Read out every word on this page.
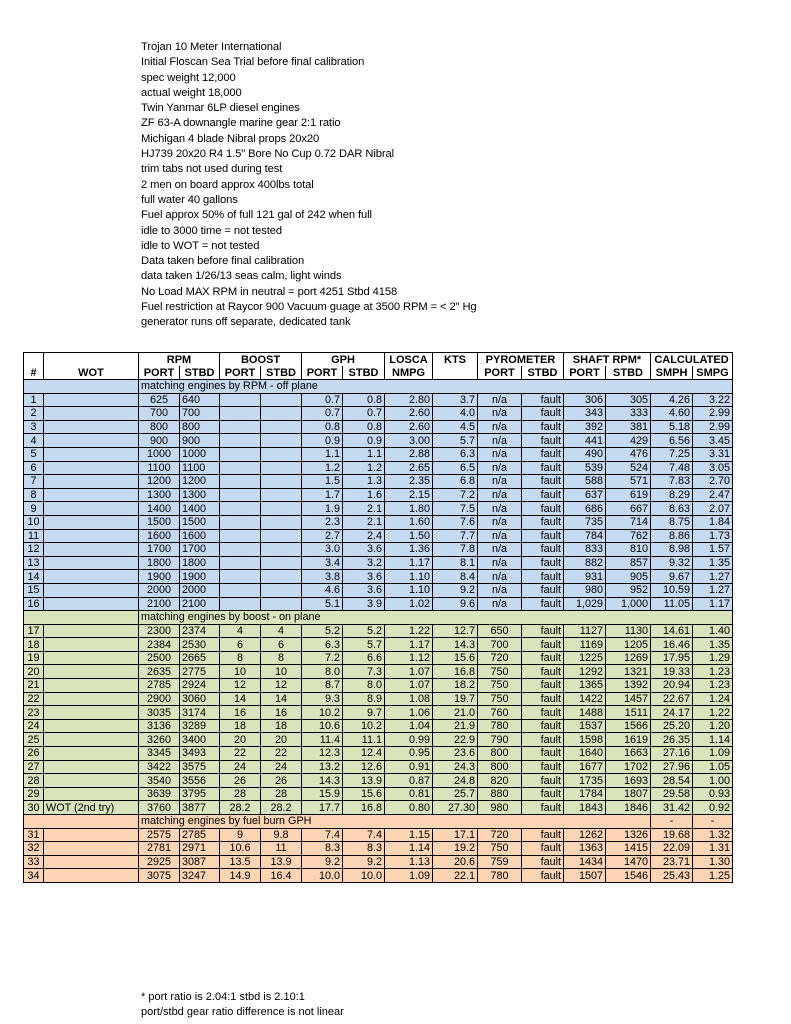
Trojan 10 Meter International
Initial Floscan Sea Trial before final calibration
spec weight 12,000
actual weight 18,000
Twin Yanmar 6LP diesel engines
ZF 63-A downangle marine gear 2:1 ratio
Michigan 4 blade Nibral props 20x20
HJ739 20x20 R4 1.5" Bore No Cup 0.72 DAR Nibral
trim tabs not used during test
2 men on board approx 400lbs total
full water 40 gallons
Fuel approx 50% of full 121 gal of 242 when full
idle to 3000 time = not tested
idle to WOT = not tested
Data taken before final calibration
data taken 1/26/13 seas calm, light winds
No Load MAX RPM in neutral = port 4251 Stbd 4158
Fuel restriction at Raycor 900 Vacuum guage at 3500 RPM = < 2" Hg
generator runs off separate, dedicated tank
		RPM		BOOST		GPH		LOSCA	KTS	PYROMETER		SHAFT RPM*		CALCULATED	
#	WOT	PORT	STBD	PORT	STBD	PORT	STBD	NMPG		PORT	STBD	PORT	STBD	SMPH	SMPG
		matching engines by RPM - off plane													
1		625	640			0.7	0.8	2.80	3.7	n/a	fault	306	305	4.26	3.22
2		700	700			0.7	0.7	2.60	4.0	n/a	fault	343	333	4.60	2.99
3		800	800			0.8	0.8	2.60	4.5	n/a	fault	392	381	5.18	2.99
4		900	900			0.9	0.9	3.00	5.7	n/a	fault	441	429	6.56	3.45
5		1000	1000			1.1	1.1	2.88	6.3	n/a	fault	490	476	7.25	3.31
6		1100	1100			1.2	1.2	2.65	6.5	n/a	fault	539	524	7.48	3.05
7		1200	1200			1.5	1.3	2.35	6.8	n/a	fault	588	571	7.83	2.70
8		1300	1300			1.7	1.6	2.15	7.2	n/a	fault	637	619	8.29	2.47
9		1400	1400			1.9	2.1	1.80	7.5	n/a	fault	686	667	8.63	2.07
10		1500	1500			2.3	2.1	1.60	7.6	n/a	fault	735	714	8.75	1.84
11		1600	1600			2.7	2.4	1.50	7.7	n/a	fault	784	762	8.86	1.73
12		1700	1700			3.0	3.6	1.36	7.8	n/a	fault	833	810	8.98	1.57
13		1800	1800			3.4	3.2	1.17	8.1	n/a	fault	882	857	9.32	1.35
14		1900	1900			3.8	3.6	1.10	8.4	n/a	fault	931	905	9.67	1.27
15		2000	2000			4.6	3.6	1.10	9.2	n/a	fault	980	952	10.59	1.27
16		2100	2100			5.1	3.9	1.02	9.6	n/a	fault	1,029	1,000	11.05	1.17
		matching engines by boost - on plane													
17		2300	2374	4	4	5.2	5.2	1.22	12.7	650	fault	1127	1130	14.61	1.40
18		2384	2530	6	6	6.3	5.7	1.17	14.3	700	fault	1169	1205	16.46	1.35
19		2500	2665	8	8	7.2	6.6	1.12	15.6	720	fault	1225	1269	17.95	1.29
20		2635	2775	10	10	8.0	7.3	1.07	16.8	750	fault	1292	1321	19.33	1.23
21		2785	2924	12	12	8.7	8.0	1.07	18.2	750	fault	1365	1392	20.94	1.23
22		2900	3060	14	14	9.3	8.9	1.08	19.7	750	fault	1422	1457	22.67	1.24
23		3035	3174	16	16	10.2	9.7	1.06	21.0	760	fault	1488	1511	24.17	1.22
24		3136	3289	18	18	10.6	10.2	1.04	21.9	780	fault	1537	1566	25.20	1.20
25		3260	3400	20	20	11.4	11.1	0.99	22.9	790	fault	1598	1619	26.35	1.14
26		3345	3493	22	22	12.3	12.4	0.95	23.6	800	fault	1640	1663	27.16	1.09
27		3422	3575	24	24	13.2	12.6	0.91	24.3	800	fault	1677	1702	27.96	1.05
28		3540	3556	26	26	14.3	13.9	0.87	24.8	820	fault	1735	1693	28.54	1.00
29		3639	3795	28	28	15.9	15.6	0.81	25.7	880	fault	1784	1807	29.58	0.93
30	WOT (2nd try)	3760	3877	28.2	28.2	17.7	16.8	0.80	27.30	980	fault	1843	1846	31.42	0.92
		matching engines by fuel burn GPH												-	-
31		2575	2785	9	9.8	7.4	7.4	1.15	17.1	720	fault	1262	1326	19.68	1.32
32		2781	2971	10.6	11	8.3	8.3	1.14	19.2	750	fault	1363	1415	22.09	1.31
33		2925	3087	13.5	13.9	9.2	9.2	1.13	20.6	759	fault	1434	1470	23.71	1.30
34		3075	3247	14.9	16.4	10.0	10.0	1.09	22.1	780	fault	1507	1546	25.43	1.25
* port ratio is 2.04:1 stbd is 2.10:1
port/stbd gear ratio difference is not linear
